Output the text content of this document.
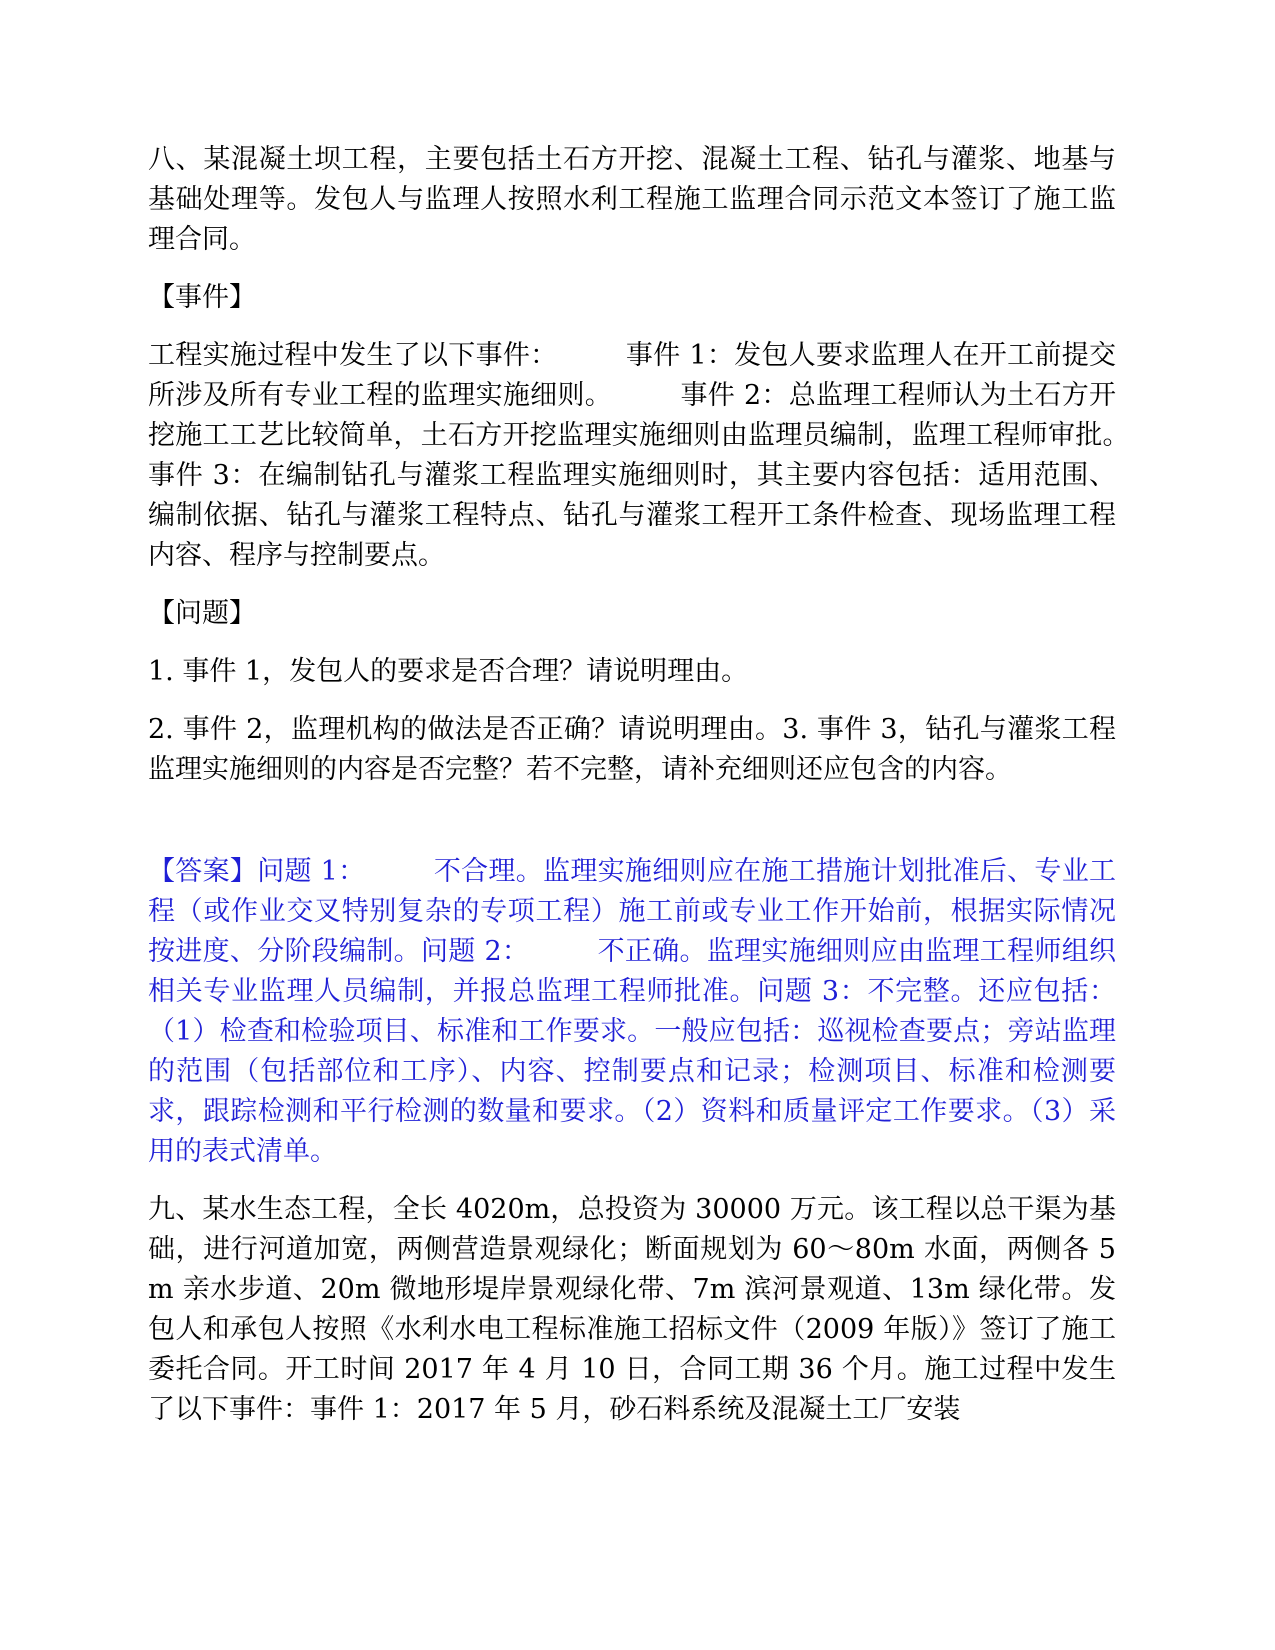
八、某混凝土坝工程，主要包括土石方开挖、混凝土工程、钻孔与灌浆、地基与基础处理等。发包人与监理人按照水利工程施工监理合同示范文本签订了施工监理合同。

【事件】

工程实施过程中发生了以下事件：　　　事件 1：发包人要求监理人在开工前提交所涉及所有专业工程的监理实施细则。　　　事件 2：总监理工程师认为土石方开挖施工工艺比较简单，土石方开挖监理实施细则由监理员编制，监理工程师审批。　　　事件 3：在编制钻孔与灌浆工程监理实施细则时，其主要内容包括：适用范围、编制依据、钻孔与灌浆工程特点、钻孔与灌浆工程开工条件检查、现场监理工程内容、程序与控制要点。

【问题】

1. 事件 1，发包人的要求是否合理？请说明理由。

2. 事件 2，监理机构的做法是否正确？请说明理由。3. 事件 3，钻孔与灌浆工程监理实施细则的内容是否完整？若不完整，请补充细则还应包含的内容。

【答案】问题 1：　　　不合理。监理实施细则应在施工措施计划批准后、专业工程（或作业交叉特别复杂的专项工程）施工前或专业工作开始前，根据实际情况按进度、分阶段编制。问题 2：　　　不正确。监理实施细则应由监理工程师组织相关专业监理人员编制，并报总监理工程师批准。问题 3：不完整。还应包括：（1）检查和检验项目、标准和工作要求。一般应包括：巡视检查要点；旁站监理的范围（包括部位和工序）、内容、控制要点和记录；检测项目、标准和检测要求，跟踪检测和平行检测的数量和要求。（2）资料和质量评定工作要求。（3）采用的表式清单。

九、某水生态工程，全长 4020m，总投资为 30000 万元。该工程以总干渠为基础，进行河道加宽，两侧营造景观绿化；断面规划为 60～80m 水面，两侧各 5m 亲水步道、20m 微地形堤岸景观绿化带、7m 滨河景观道、13m 绿化带。发包人和承包人按照《水利水电工程标准施工招标文件（2009 年版）》签订了施工委托合同。开工时间 2017 年 4 月 10 日，合同工期 36 个月。施工过程中发生了以下事件：事件 1：2017 年 5 月，砂石料系统及混凝土工厂安装
